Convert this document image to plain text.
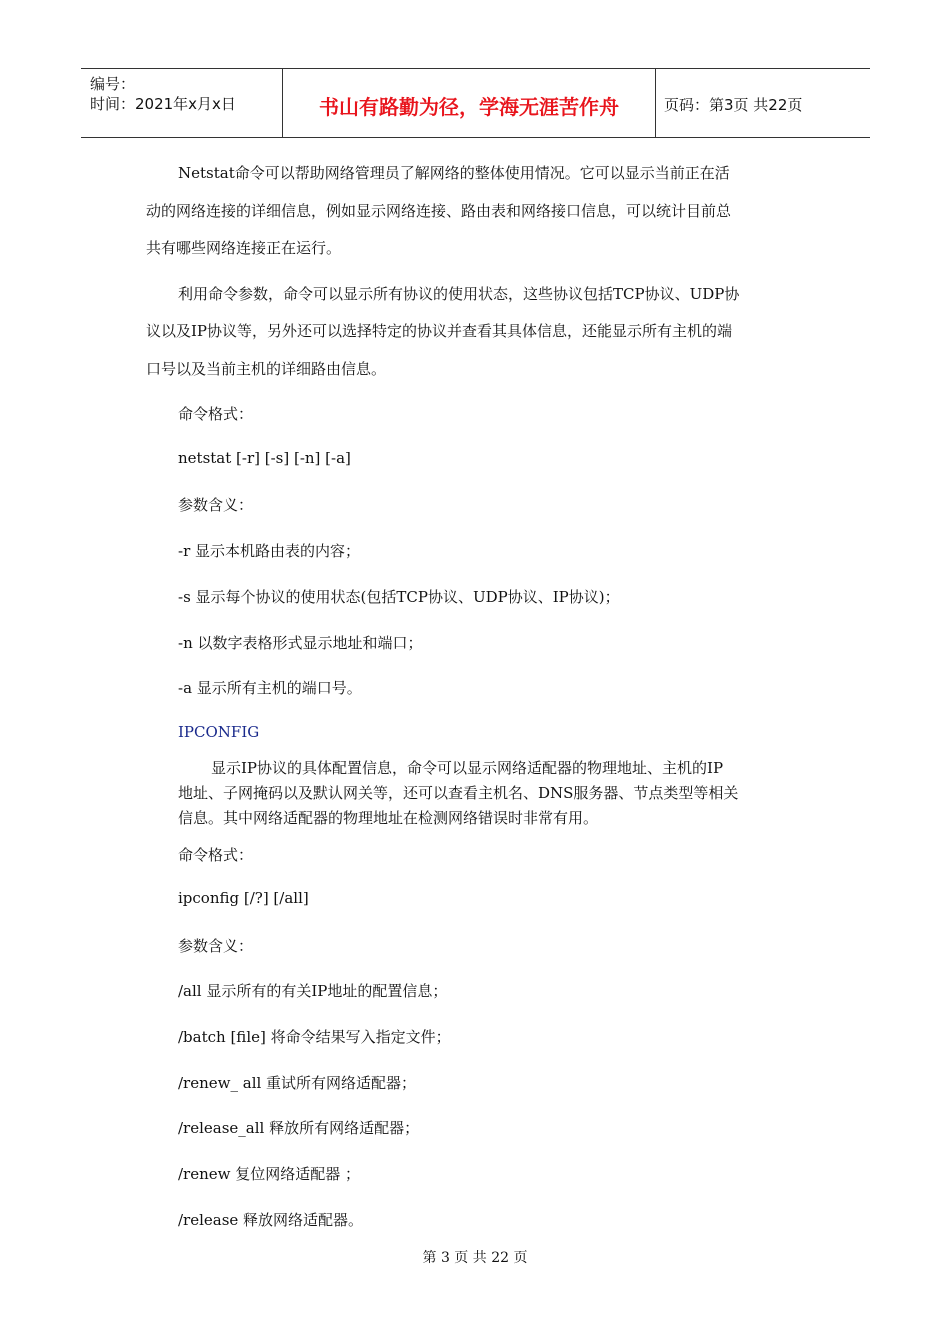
编号：
时间：2021年x月x日	书山有路勤为径，学海无涯苦作舟	页码：第3页 共22页
Netstat命令可以帮助网络管理员了解网络的整体使用情况。它可以显示当前正在活
动的网络连接的详细信息，例如显示网络连接、路由表和网络接口信息，可以统计目前总
共有哪些网络连接正在运行。
利用命令参数，命令可以显示所有协议的使用状态，这些协议包括TCP协议、UDP协
议以及IP协议等，另外还可以选择特定的协议并查看其具体信息，还能显示所有主机的端
口号以及当前主机的详细路由信息。
命令格式：
netstat [-r] [-s] [-n] [-a]
参数含义：
-r 显示本机路由表的内容；
-s 显示每个协议的使用状态(包括TCP协议、UDP协议、IP协议)；
-n 以数字表格形式显示地址和端口；
-a 显示所有主机的端口号。
IPCONFIG
显示IP协议的具体配置信息，命令可以显示网络适配器的物理地址、主机的IP
地址、子网掩码以及默认网关等，还可以查看主机名、DNS服务器、节点类型等相关
信息。其中网络适配器的物理地址在检测网络错误时非常有用。
命令格式：
ipconfig [/?] [/all]
参数含义：
/all 显示所有的有关IP地址的配置信息；
/batch [file] 将命令结果写入指定文件；
/renew_ all 重试所有网络适配器；
/release_all 释放所有网络适配器；
/renew 复位网络适配器 ；
/release 释放网络适配器。
第 3 页 共 22 页
